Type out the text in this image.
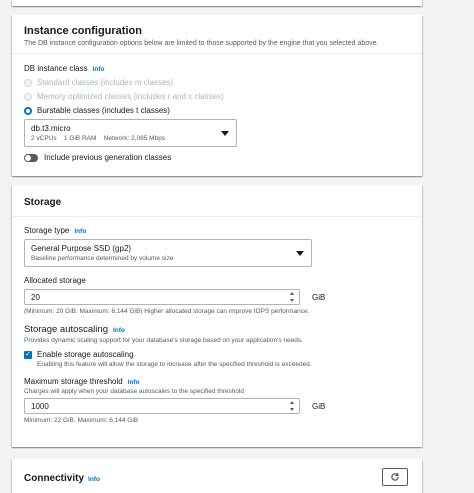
Instance configuration
The DB instance configuration options below are limited to those supported by the engine that you selected above.
DB instance class Info
Standard classes (includes m classes)
Memory optimized classes (includes r and x classes)
Burstable classes (includes t classes)
db.t3.micro
2 vCPUs 1 GiB RAM Network: 2,085 Mbps
Include previous generation classes
Storage
Storage type Info
General Purpose SSD (gp2)
Baseline performance determined by volume size
Allocated storage
20	GiB
(Minimum: 20 GiB. Maximum: 6,144 GiB) Higher allocated storage can improve IOPS performance.
Storage autoscaling Info
Provides dynamic scaling support for your database's storage based on your application's needs.
✓ Enable storage autoscaling
Enabling this feature will allow the storage to increase after the specified threshold is exceeded.
Maximum storage threshold Info
Charges will apply when your database autoscales to the specified threshold
1000	GiB
Minimum: 22 GiB. Maximum: 6,144 GiB
Connectivity Info
